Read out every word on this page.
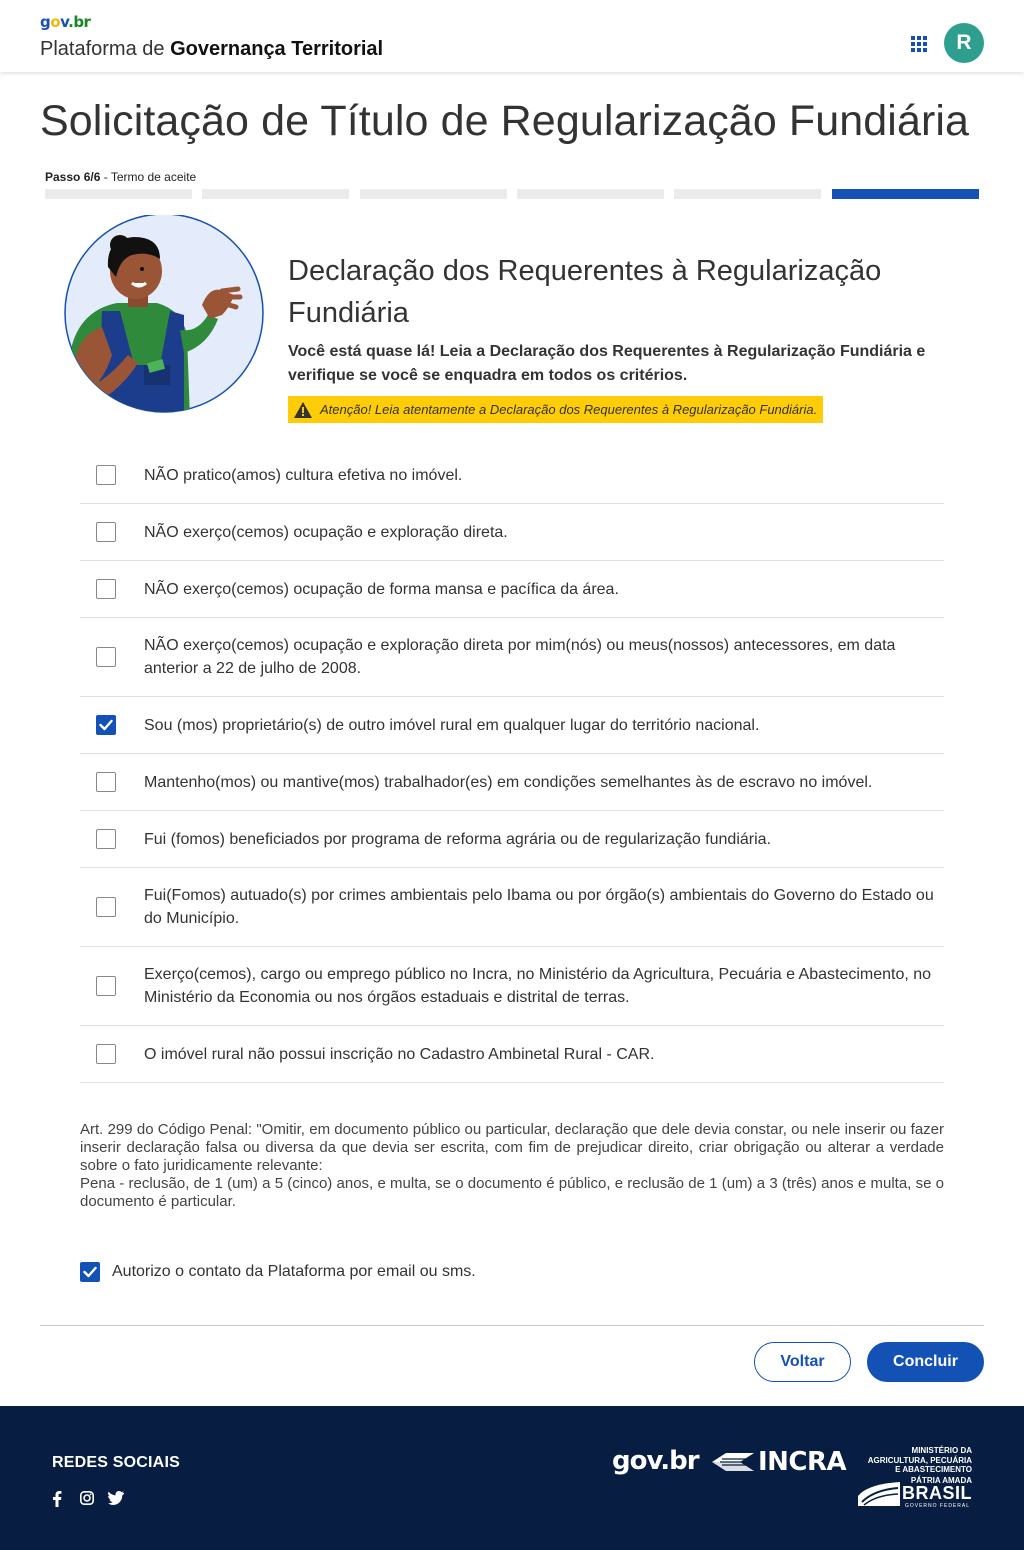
gov.br
Plataforma de Governança Territorial	R
Solicitação de Título de Regularização Fundiária
Passo 6/6 - Termo de aceite
Declaração dos Requerentes à Regularização Fundiária

Você está quase lá! Leia a Declaração dos Requerentes à Regularização Fundiária e verifique se você se enquadra em todos os critérios.

Atenção! Leia atentamente a Declaração dos Requerentes à Regularização Fundiária.
NÃO pratico(amos) cultura efetiva no imóvel.
NÃO exerço(cemos) ocupação e exploração direta.
NÃO exerço(cemos) ocupação de forma mansa e pacífica da área.
NÃO exerço(cemos) ocupação e exploração direta por mim(nós) ou meus(nossos) antecessores, em data anterior a 22 de julho de 2008.
Sou (mos) proprietário(s) de outro imóvel rural em qualquer lugar do território nacional.
Mantenho(mos) ou mantive(mos) trabalhador(es) em condições semelhantes às de escravo no imóvel.
Fui (fomos) beneficiados por programa de reforma agrária ou de regularização fundiária.
Fui(Fomos) autuado(s) por crimes ambientais pelo Ibama ou por órgão(s) ambientais do Governo do Estado ou do Município.
Exerço(cemos), cargo ou emprego público no Incra, no Ministério da Agricultura, Pecuária e Abastecimento, no Ministério da Economia ou nos órgãos estaduais e distrital de terras.
O imóvel rural não possui inscrição no Cadastro Ambinetal Rural - CAR.

Art. 299 do Código Penal: "Omitir, em documento público ou particular, declaração que dele devia constar, ou nele inserir ou fazer inserir declaração falsa ou diversa da que devia ser escrita, com fim de prejudicar direito, criar obrigação ou alterar a verdade sobre o fato juridicamente relevante:

Pena - reclusão, de 1 (um) a 5 (cinco) anos, e multa, se o documento é público, e reclusão de 1 (um) a 3 (três) anos e multa, se o documento é particular.

Autorizo o contato da Plataforma por email ou sms.
Voltar	Concluir
REDES SOCIAIS	gov.br INCRA	MINISTÉRIO DA
AGRICULTURA, PECUÁRIA
E ABASTECIMENTO
PÁTRIA AMADA
BRASIL
GOVERNO FEDERAL
